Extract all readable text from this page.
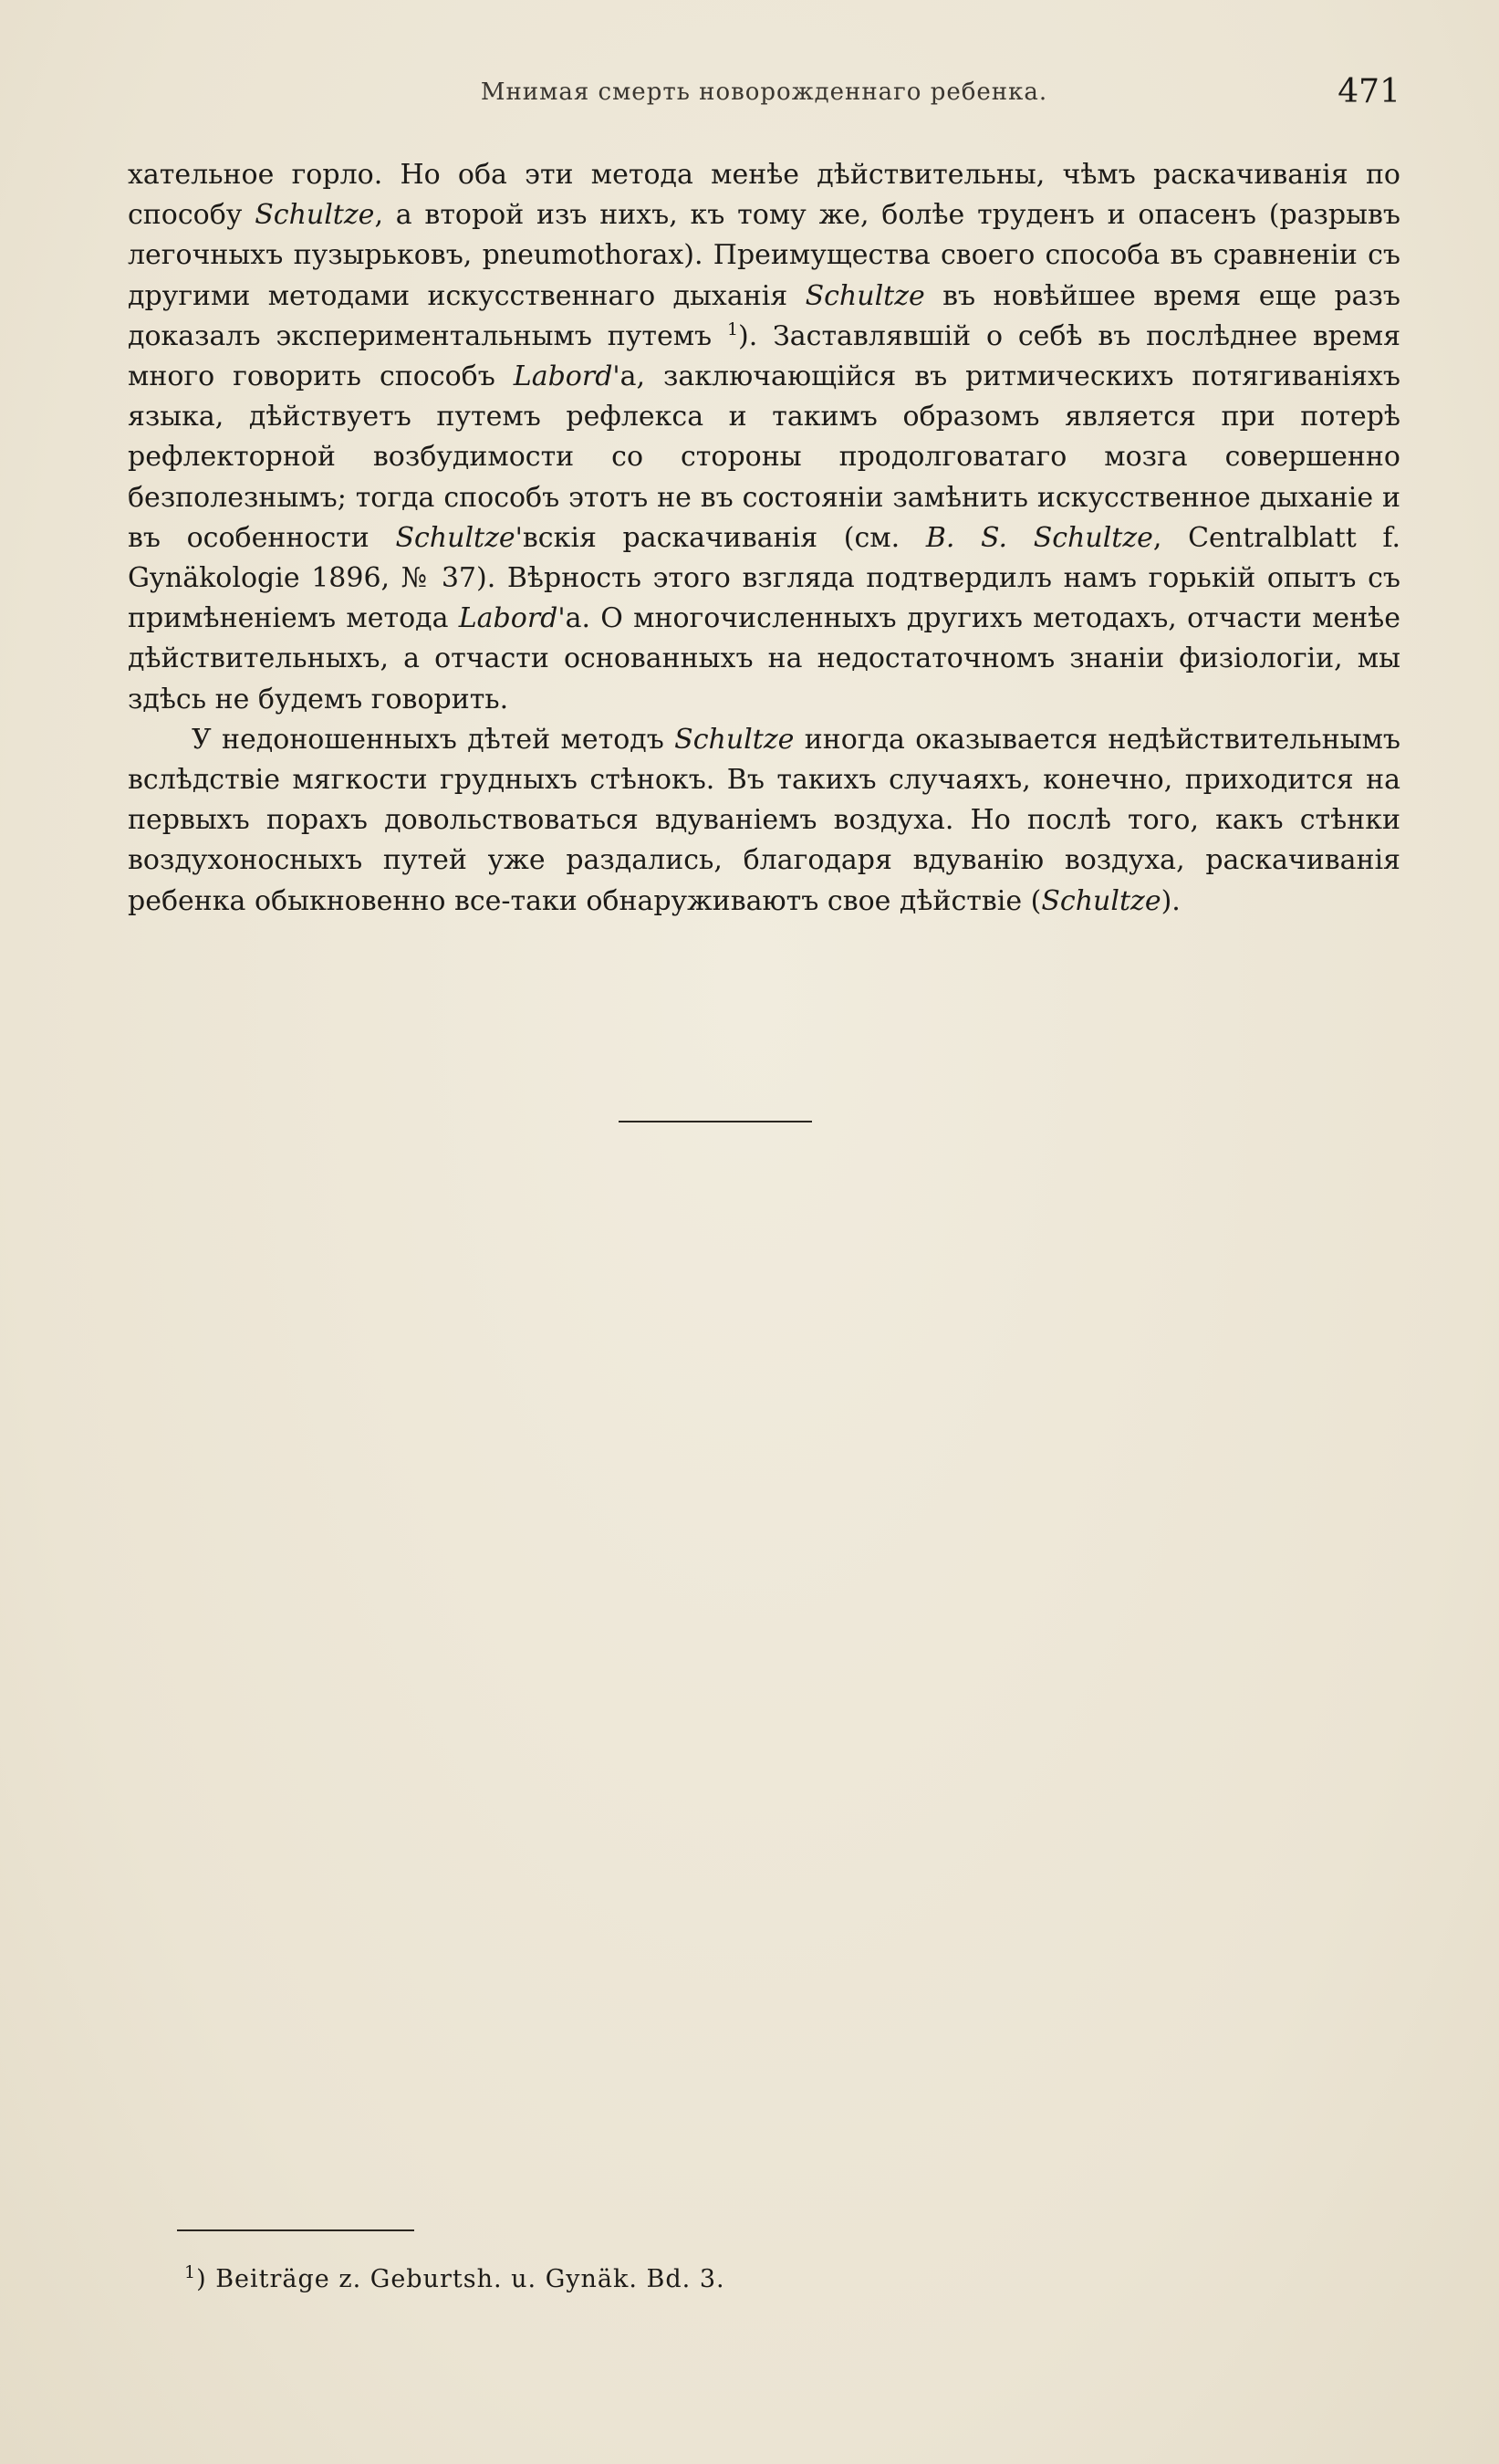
Мнимая смерть новорожденнаго ребенка.	471

хательное горло. Но оба эти метода менѣе дѣйствительны, чѣмъ раскачиванія по способу Schultze, а второй изъ нихъ, къ тому же, болѣе труденъ и опасенъ (разрывъ легочныхъ пузырьковъ, pneumothorax). Преимущества своего способа въ сравненіи съ другими методами искусственнаго дыханія Schultze въ новѣйшее время еще разъ доказалъ экспериментальнымъ путемъ $^1$). Заставлявшій о себѣ въ послѣднее время много говорить способъ Labord'а, заключающійся въ ритмическихъ потягиваніяхъ языка, дѣйствуетъ путемъ рефлекса и такимъ образомъ является при потерѣ рефлекторной возбудимости со стороны продолговатаго мозга совершенно безполезнымъ; тогда способъ этотъ не въ состояніи замѣнить искусственное дыханіе и въ особенности Schultze'вскія раскачиванія (см. B. S. Schultze, Centralblatt f. Gynäkologie 1896, № 37). Вѣрность этого взгляда подтвердилъ намъ горькій опытъ съ примѣненіемъ метода Labord'а. О многочисленныхъ другихъ методахъ, отчасти менѣе дѣйствительныхъ, а отчасти основанныхъ на недостаточномъ знаніи физіологіи, мы здѣсь не будемъ говорить.

У недоношенныхъ дѣтей методъ Schultze иногда оказывается недѣйствительнымъ вслѣдствіе мягкости грудныхъ стѣнокъ. Въ такихъ случаяхъ, конечно, приходится на первыхъ порахъ довольствоваться вдуваніемъ воздуха. Но послѣ того, какъ стѣнки воздухоносныхъ путей уже раздались, благодаря вдуванію воздуха, раскачиванія ребенка обыкновенно все-таки обнаруживаютъ свое дѣйствіе (Schultze).

$^1$) Beiträge z. Geburtsh. u. Gynäk. Bd. 3.
